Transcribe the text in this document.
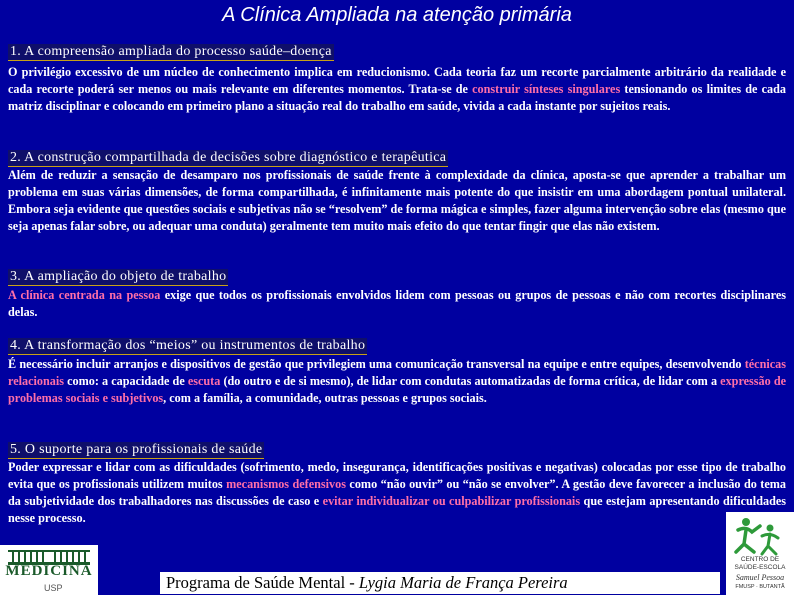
A Clínica Ampliada na atenção primária
1. A compreensão ampliada do processo saúde–doença

O privilégio excessivo de um núcleo de conhecimento implica em reducionismo. Cada teoria faz um recorte parcialmente arbitrário da realidade e cada recorte poderá ser menos ou mais relevante em diferentes momentos. Trata-se de construir sínteses singulares tensionando os limites de cada matriz disciplinar e colocando em primeiro plano a situação real do trabalho em saúde, vivida a cada instante por sujeitos reais.

2. A construção compartilhada de decisões sobre diagnóstico e terapêutica

Além de reduzir a sensação de desamparo nos profissionais de saúde frente à complexidade da clínica, aposta-se que aprender a trabalhar um problema em suas várias dimensões, de forma compartilhada, é infinitamente mais potente do que insistir em uma abordagem pontual unilateral. Embora seja evidente que questões sociais e subjetivas não se “resolvem” de forma mágica e simples, fazer alguma intervenção sobre elas (mesmo que seja apenas falar sobre, ou adequar uma conduta) geralmente tem muito mais efeito do que tentar fingir que elas não existem.

3. A ampliação do objeto de trabalho

A clínica centrada na pessoa exige que todos os profissionais envolvidos lidem com pessoas ou grupos de pessoas e não com recortes disciplinares delas.

4. A transformação dos “meios” ou instrumentos de trabalho

É necessário incluir arranjos e dispositivos de gestão que privilegiem uma comunicação transversal na equipe e entre equipes, desenvolvendo técnicas relacionais como: a capacidade de escuta (do outro e de si mesmo), de lidar com condutas automatizadas de forma crítica, de lidar com a expressão de problemas sociais e subjetivos, com a família, a comunidade, outras pessoas e grupos sociais.

5. O suporte para os profissionais de saúde

Poder expressar e lidar com as dificuldades (sofrimento, medo, insegurança, identificações positivas e negativas) colocadas por esse tipo de trabalho evita que os profissionais utilizem muitos mecanismos defensivos como “não ouvir” ou “não se envolver”. A gestão deve favorecer a inclusão do tema da subjetividade dos trabalhadores nas discussões de caso e evitar individualizar ou culpabilizar profissionais que estejam apresentando dificuldades nesse processo.

MEDICINA
USP
CENTRO DE
SAÚDE-ESCOLA
Samuel Pessoa
FMUSP · BUTANTÃ
Programa de Saúde Mental - Lygia Maria de França Pereira
